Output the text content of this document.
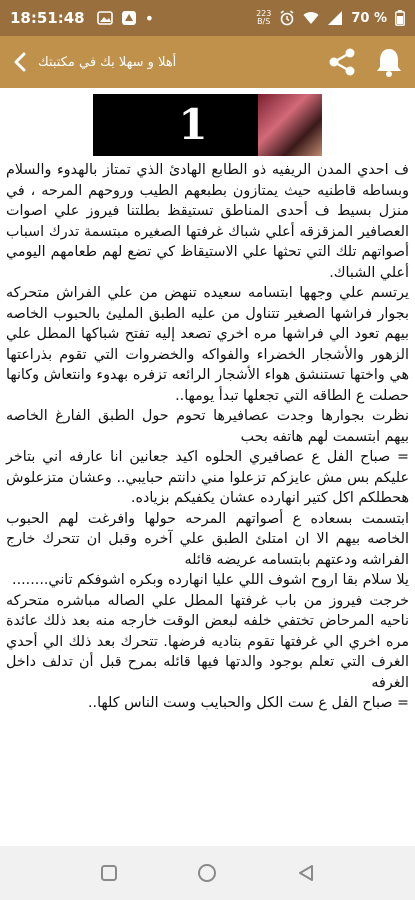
18:51:48	•	223
B/S	70 %
أهلا و سهلا بك في مكتبتك
1

ف احدي المدن الريفيه ذو الطابع الهادئ الذي تمتاز بالهدوء والسلام وبساطه قاطنيه حيث يمتازون بطبعهم الطيب وروحهم المرحه ، في منزل بسيط ف أحدى المناطق تستيقظ بطلتنا فيروز علي اصوات العصافير المزقزقه أعلي شباك غرفتها الصغيره مبتسمة تدرك اسباب أصواتهم تلك التي تحثها علي الاستيقاظ كي تضع لهم طعامهم اليومي أعلي الشباك.

يرتسم علي وجهها ابتسامه سعيده تنهض من علي الفراش متحركه بجوار فراشها الصغير تتناول من عليه الطبق المليئ بالحبوب الخاصه بيهم تعود الي فراشها مره اخري تصعد إليه تفتح شباكها المطل علي الزهور والأشجار الخضراء والفواكه والخضروات التي تقوم بذراعتها هي واختها تستنشق هواء الأشجار الرائعه تزفره بهدوء وانتعاش وكانها حصلت ع الطاقه التي تجعلها تبدأ يومها..

نظرت بجوارها وجدت عصافيرها تحوم حول الطبق الفارغ الخاصه بيهم ابتسمت لهم هاتفه بحب

= صباح الفل ع عصافيري الحلوه اكيد جعانين انا عارفه اني بتاخر عليكم بس مش عايزكم تزعلوا مني دانتم حبايبي.. وعشان متزعلوش هحطلكم اكل كتير انهارده عشان يكفيكم بزياده.

ابتسمت بسعاده ع أصواتهم المرحه حولها وافرغت لهم الحبوب الخاصه بيهم الا ان امتلئ الطبق علي آخره وقبل ان تتحرك خارج الفراشه ودعتهم بابتسامه عريضه قائله

يلا سلام بقا اروح اشوف اللي عليا انهارده وبكره اشوفكم تاني........

خرجت فيروز من باب غرفتها المطل علي الصاله مباشره متحركه ناحيه المرحاض تختفي خلفه لبعض الوقت خارجه منه بعد ذلك عائدة مره اخري الي غرفتها تقوم بتاديه فرضها. تتحرك بعد ذلك الي أحدي الغرف التي تعلم بوجود والدتها فيها قائله بمرح قبل أن تدلف داخل الغرفه

= صباح الفل ع ست الكل والحبايب وست الناس كلها..
